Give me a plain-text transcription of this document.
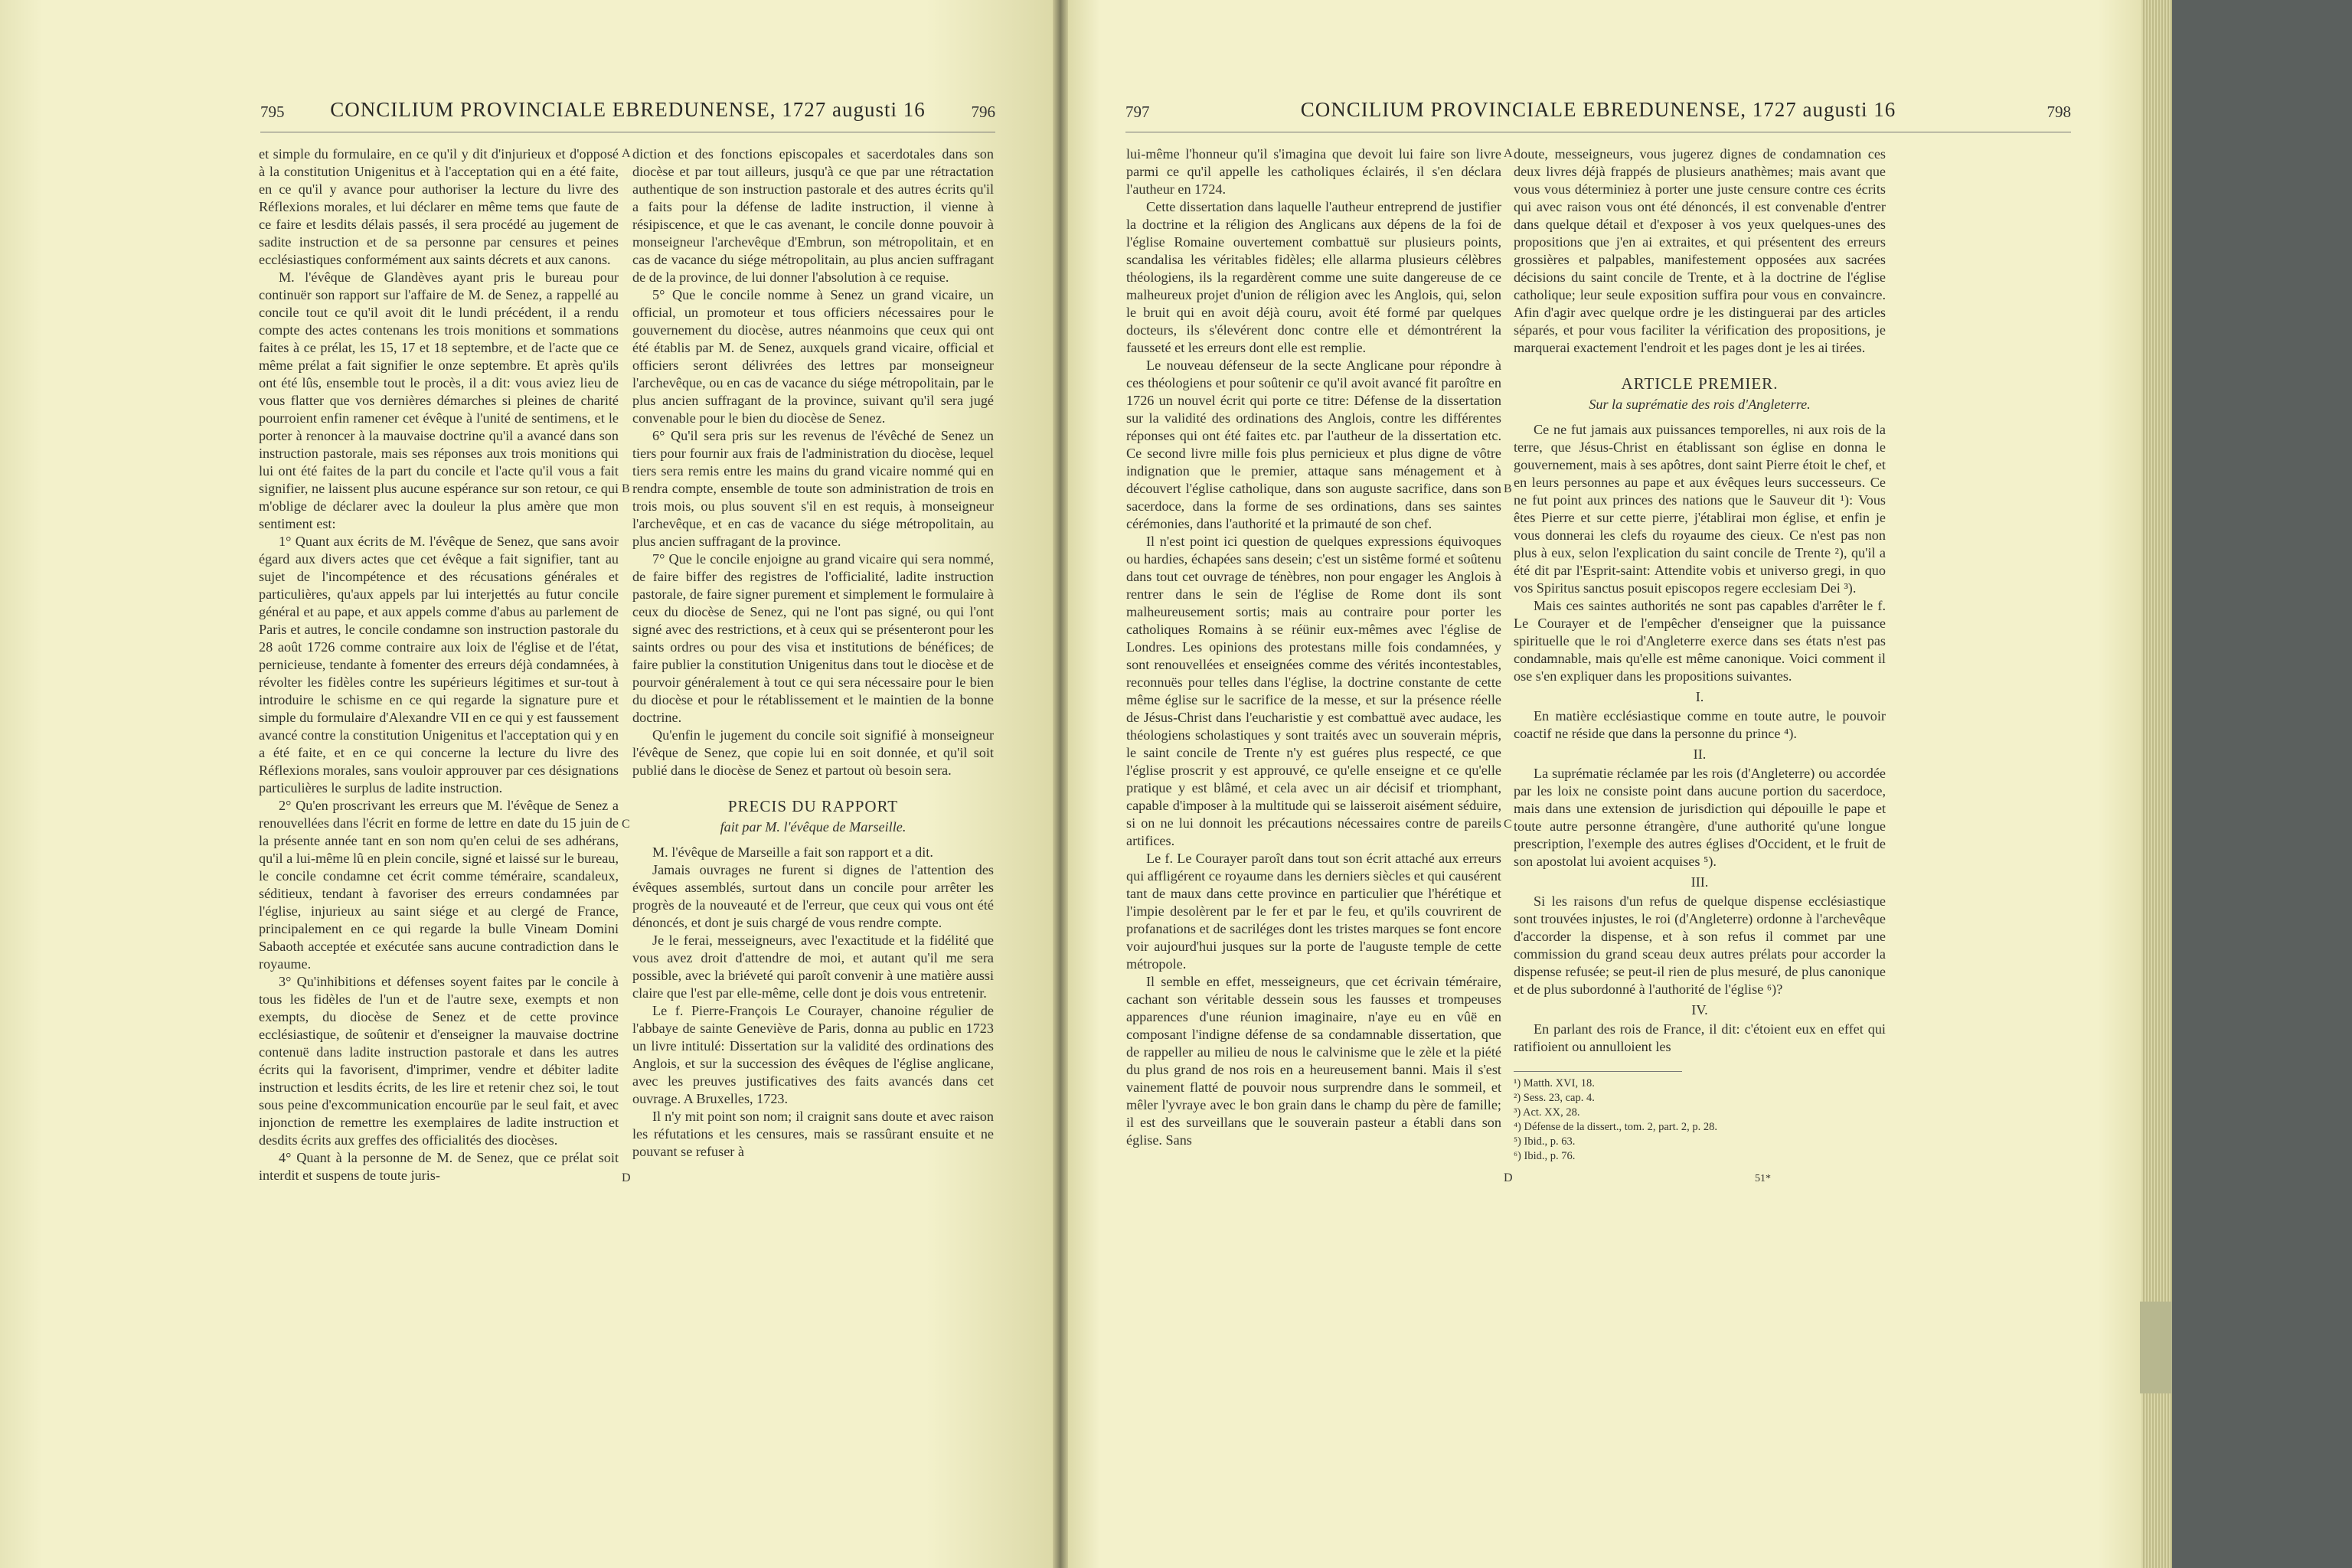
795 CONCILIUM PROVINCIALE EBREDUNENSE, 1727 augusti 16	796

et simple du formulaire, en ce qu'il y dit d'injurieux et d'opposé à la constitution Unigenitus et à l'acceptation qui en a été faite, en ce qu'il y avance pour authoriser la lecture du livre des Réflexions morales, et lui déclarer en même tems que faute de ce faire et lesdits délais passés, il sera procédé au jugement de sadite instruction et de sa personne par censures et peines ecclésiastiques conformément aux saints décrets et aux canons.

M. l'évêque de Glandèves ayant pris le bureau pour continuër son rapport sur l'affaire de M. de Senez, a rappellé au concile tout ce qu'il avoit dit le lundi précédent, il a rendu compte des actes contenans les trois monitions et sommations faites à ce prélat, les 15, 17 et 18 septembre, et de l'acte que ce même prélat a fait signifier le onze septembre. Et après qu'ils ont été lûs, ensemble tout le procès, il a dit: vous aviez lieu de vous flatter que vos dernières démarches si pleines de charité pourroient enfin ramener cet évêque à l'unité de sentimens, et le porter à renoncer à la mauvaise doctrine qu'il a avancé dans son instruction pastorale, mais ses réponses aux trois monitions qui lui ont été faites de la part du concile et l'acte qu'il vous a fait signifier, ne laissent plus aucune espérance sur son retour, ce qui m'oblige de déclarer avec la douleur la plus amère que mon sentiment est:

1° Quant aux écrits de M. l'évêque de Senez, que sans avoir égard aux divers actes que cet évêque a fait signifier, tant au sujet de l'incompétence et des récusations générales et particulières, qu'aux appels par lui interjettés au futur concile général et au pape, et aux appels comme d'abus au parlement de Paris et autres, le concile condamne son instruction pastorale du 28 août 1726 comme contraire aux loix de l'église et de l'état, pernicieuse, tendante à fomenter des erreurs déjà condamnées, à révolter les fidèles contre les supérieurs légitimes et sur-tout à introduire le schisme en ce qui regarde la signature pure et simple du formulaire d'Alexandre VII en ce qui y est faussement avancé contre la constitution Unigenitus et l'acceptation qui y en a été faite, et en ce qui concerne la lecture du livre des Réflexions morales, sans vouloir approuver par ces désignations particulières le surplus de ladite instruction.

2° Qu'en proscrivant les erreurs que M. l'évêque de Senez a renouvellées dans l'écrit en forme de lettre en date du 15 juin de la présente année tant en son nom qu'en celui de ses adhérans, qu'il a lui-même lû en plein concile, signé et laissé sur le bureau, le concile condamne cet écrit comme téméraire, scandaleux, séditieux, tendant à favoriser des erreurs condamnées par l'église, injurieux au saint siége et au clergé de France, principalement en ce qui regarde la bulle Vineam Domini Sabaoth acceptée et exécutée sans aucune contradiction dans le royaume.

3° Qu'inhibitions et défenses soyent faites par le concile à tous les fidèles de l'un et de l'autre sexe, exempts et non exempts, du diocèse de Senez et de cette province ecclésiastique, de soûtenir et d'enseigner la mauvaise doctrine contenuë dans ladite instruction pastorale et dans les autres écrits qui la favorisent, d'imprimer, vendre et débiter ladite instruction et lesdits écrits, de les lire et retenir chez soi, le tout sous peine d'excommunication encourüe par le seul fait, et avec injonction de remettre les exemplaires de ladite instruction et desdits écrits aux greffes des officialités des diocèses.

4° Quant à la personne de M. de Senez, que ce prélat soit interdit et suspens de toute juris-

A
B
C
D

diction et des fonctions episcopales et sacerdotales dans son diocèse et par tout ailleurs, jusqu'à ce que par une rétractation authentique de son instruction pastorale et des autres écrits qu'il a faits pour la défense de ladite instruction, il vienne à résipiscence, et que le cas avenant, le concile donne pouvoir à monseigneur l'archevêque d'Embrun, son métropolitain, et en cas de vacance du siége métropolitain, au plus ancien suffragant de de la province, de lui donner l'absolution à ce requise.

5° Que le concile nomme à Senez un grand vicaire, un official, un promoteur et tous officiers nécessaires pour le gouvernement du diocèse, autres néanmoins que ceux qui ont été établis par M. de Senez, auxquels grand vicaire, official et officiers seront délivrées des lettres par monseigneur l'archevêque, ou en cas de vacance du siége métropolitain, par le plus ancien suffragant de la province, suivant qu'il sera jugé convenable pour le bien du diocèse de Senez.

6° Qu'il sera pris sur les revenus de l'évêché de Senez un tiers pour fournir aux frais de l'administration du diocèse, lequel tiers sera remis entre les mains du grand vicaire nommé qui en rendra compte, ensemble de toute son administration de trois en trois mois, ou plus souvent s'il en est requis, à monseigneur l'archevêque, et en cas de vacance du siége métropolitain, au plus ancien suffragant de la province.

7° Que le concile enjoigne au grand vicaire qui sera nommé, de faire biffer des registres de l'officialité, ladite instruction pastorale, de faire signer purement et simplement le formulaire à ceux du diocèse de Senez, qui ne l'ont pas signé, ou qui l'ont signé avec des restrictions, et à ceux qui se présenteront pour les saints ordres ou pour des visa et institutions de bénéfices; de faire publier la constitution Unigenitus dans tout le diocèse et de pourvoir généralement à tout ce qui sera nécessaire pour le bien du diocèse et pour le rétablissement et le maintien de la bonne doctrine.

Qu'enfin le jugement du concile soit signifié à monseigneur l'évêque de Senez, que copie lui en soit donnée, et qu'il soit publié dans le diocèse de Senez et partout où besoin sera.

PRECIS DU RAPPORT
fait par M. l'évêque de Marseille.

M. l'évêque de Marseille a fait son rapport et a dit.

Jamais ouvrages ne furent si dignes de l'attention des évêques assemblés, surtout dans un concile pour arrêter les progrès de la nouveauté et de l'erreur, que ceux qui vous ont été dénoncés, et dont je suis chargé de vous rendre compte.

Je le ferai, messeigneurs, avec l'exactitude et la fidélité que vous avez droit d'attendre de moi, et autant qu'il me sera possible, avec la briéveté qui paroît convenir à une matière aussi claire que l'est par elle-même, celle dont je dois vous entretenir.

Le f. Pierre-François Le Courayer, chanoine régulier de l'abbaye de sainte Geneviève de Paris, donna au public en 1723 un livre intitulé: Dissertation sur la validité des ordinations des Anglois, et sur la succession des évêques de l'église anglicane, avec les preuves justificatives des faits avancés dans cet ouvrage. A Bruxelles, 1723.

Il n'y mit point son nom; il craignit sans doute et avec raison les réfutations et les censures, mais se rassûrant ensuite et ne pouvant se refuser à

797	CONCILIUM PROVINCIALE EBREDUNENSE, 1727 augusti 16	798

lui-même l'honneur qu'il s'imagina que devoit lui faire son livre parmi ce qu'il appelle les catholiques éclairés, il s'en déclara l'autheur en 1724.

Cette dissertation dans laquelle l'autheur entreprend de justifier la doctrine et la réligion des Anglicans aux dépens de la foi de l'église Romaine ouvertement combattuë sur plusieurs points, scandalisa les véritables fidèles; elle allarma plusieurs célèbres théologiens, ils la regardèrent comme une suite dangereuse de ce malheureux projet d'union de réligion avec les Anglois, qui, selon le bruit qui en avoit déjà couru, avoit été formé par quelques docteurs, ils s'élevérent donc contre elle et démontrérent la fausseté et les erreurs dont elle est remplie.

Le nouveau défenseur de la secte Anglicane pour répondre à ces théologiens et pour soûtenir ce qu'il avoit avancé fit paroître en 1726 un nouvel écrit qui porte ce titre: Défense de la dissertation sur la validité des ordinations des Anglois, contre les différentes réponses qui ont été faites etc. par l'autheur de la dissertation etc. Ce second livre mille fois plus pernicieux et plus digne de vôtre indignation que le premier, attaque sans ménagement et à découvert l'église catholique, dans son auguste sacrifice, dans son sacerdoce, dans la forme de ses ordinations, dans ses saintes cérémonies, dans l'authorité et la primauté de son chef.

Il n'est point ici question de quelques expressions équivoques ou hardies, échapées sans desein; c'est un sistême formé et soûtenu dans tout cet ouvrage de ténèbres, non pour engager les Anglois à rentrer dans le sein de l'église de Rome dont ils sont malheureusement sortis; mais au contraire pour porter les catholiques Romains à se réünir eux-mêmes avec l'église de Londres. Les opinions des protestans mille fois condamnées, y sont renouvellées et enseignées comme des vérités incontestables, reconnuës pour telles dans l'église, la doctrine constante de cette même église sur le sacrifice de la messe, et sur la présence réelle de Jésus-Christ dans l'eucharistie y est combattuë avec audace, les théologiens scholastiques y sont traités avec un souverain mépris, le saint concile de Trente n'y est guéres plus respecté, ce que l'église proscrit y est approuvé, ce qu'elle enseigne et ce qu'elle pratique y est blâmé, et cela avec un air décisif et triomphant, capable d'imposer à la multitude qui se laisseroit aisément séduire, si on ne lui donnoit les précautions nécessaires contre de pareils artifices.

Le f. Le Courayer paroît dans tout son écrit attaché aux erreurs qui affligérent ce royaume dans les derniers siècles et qui causérent tant de maux dans cette province en particulier que l'hérétique et l'impie desolèrent par le fer et par le feu, et qu'ils couvrirent de profanations et de sacriléges dont les tristes marques se font encore voir aujourd'hui jusques sur la porte de l'auguste temple de cette métropole.

Il semble en effet, messeigneurs, que cet écrivain téméraire, cachant son véritable dessein sous les fausses et trompeuses apparences d'une réunion imaginaire, n'aye eu en vûë en composant l'indigne défense de sa condamnable dissertation, que de rappeller au milieu de nous le calvinisme que le zèle et la piété du plus grand de nos rois en a heureusement banni. Mais il s'est vainement flatté de pouvoir nous surprendre dans le sommeil, et mêler l'yvraye avec le bon grain dans le champ du père de famille; il est des surveillans que le souverain pasteur a établi dans son église. Sans

A
B
C
D

doute, messeigneurs, vous jugerez dignes de condamnation ces deux livres déjà frappés de plusieurs anathèmes; mais avant que vous vous déterminiez à porter une juste censure contre ces écrits qui avec raison vous ont été dénoncés, il est convenable d'entrer dans quelque détail et d'exposer à vos yeux quelques-unes des propositions que j'en ai extraites, et qui présentent des erreurs grossières et palpables, manifestement opposées aux sacrées décisions du saint concile de Trente, et à la doctrine de l'église catholique; leur seule exposition suffira pour vous en convaincre. Afin d'agir avec quelque ordre je les distinguerai par des articles séparés, et pour vous faciliter la vérification des propositions, je marquerai exactement l'endroit et les pages dont je les ai tirées.

ARTICLE PREMIER.
Sur la suprématie des rois d'Angleterre.

Ce ne fut jamais aux puissances temporelles, ni aux rois de la terre, que Jésus-Christ en établissant son église en donna le gouvernement, mais à ses apôtres, dont saint Pierre étoit le chef, et en leurs personnes au pape et aux évêques leurs successeurs. Ce ne fut point aux princes des nations que le Sauveur dit ¹): Vous êtes Pierre et sur cette pierre, j'établirai mon église, et enfin je vous donnerai les clefs du royaume des cieux. Ce n'est pas non plus à eux, selon l'explication du saint concile de Trente ²), qu'il a été dit par l'Esprit-saint: Attendite vobis et universo gregi, in quo vos Spiritus sanctus posuit episcopos regere ecclesiam Dei ³).

Mais ces saintes authorités ne sont pas capables d'arrêter le f. Le Courayer et de l'empêcher d'enseigner que la puissance spirituelle que le roi d'Angleterre exerce dans ses états n'est pas condamnable, mais qu'elle est même canonique. Voici comment il ose s'en expliquer dans les propositions suivantes.

I.

En matière ecclésiastique comme en toute autre, le pouvoir coactif ne réside que dans la personne du prince ⁴).

II.

La suprématie réclamée par les rois (d'Angleterre) ou accordée par les loix ne consiste point dans aucune portion du sacerdoce, mais dans une extension de jurisdiction qui dépouille le pape et toute autre personne étrangère, d'une authorité qu'une longue prescription, l'exemple des autres églises d'Occident, et le fruit de son apostolat lui avoient acquises ⁵).

III.

Si les raisons d'un refus de quelque dispense ecclésiastique sont trouvées injustes, le roi (d'Angleterre) ordonne à l'archevêque d'accorder la dispense, et à son refus il commet par une commission du grand sceau deux autres prélats pour accorder la dispense refusée; se peut-il rien de plus mesuré, de plus canonique et de plus subordonné à l'authorité de l'église ⁶)?

IV.

En parlant des rois de France, il dit: c'étoient eux en effet qui ratifioient ou annulloient les

¹) Matth. XVI, 18.
²) Sess. 23, cap. 4.
³) Act. XX, 28.
⁴) Défense de la dissert., tom. 2, part. 2, p. 28.
⁵) Ibid., p. 63.
⁶) Ibid., p. 76.
51*
